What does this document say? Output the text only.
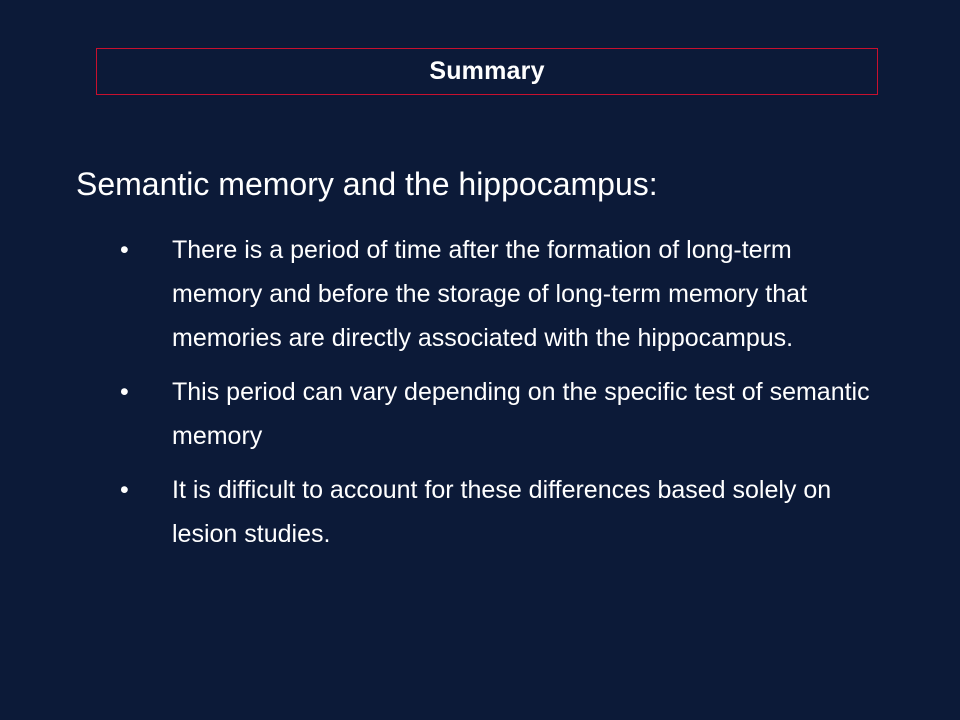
Summary
Semantic memory and the hippocampus:
• There is a period of time after the formation of long-term memory and before the storage of long-term memory that memories are directly associated with the hippocampus.
• This period can vary depending on the specific test of semantic memory
• It is difficult to account for these differences based solely on lesion studies.
